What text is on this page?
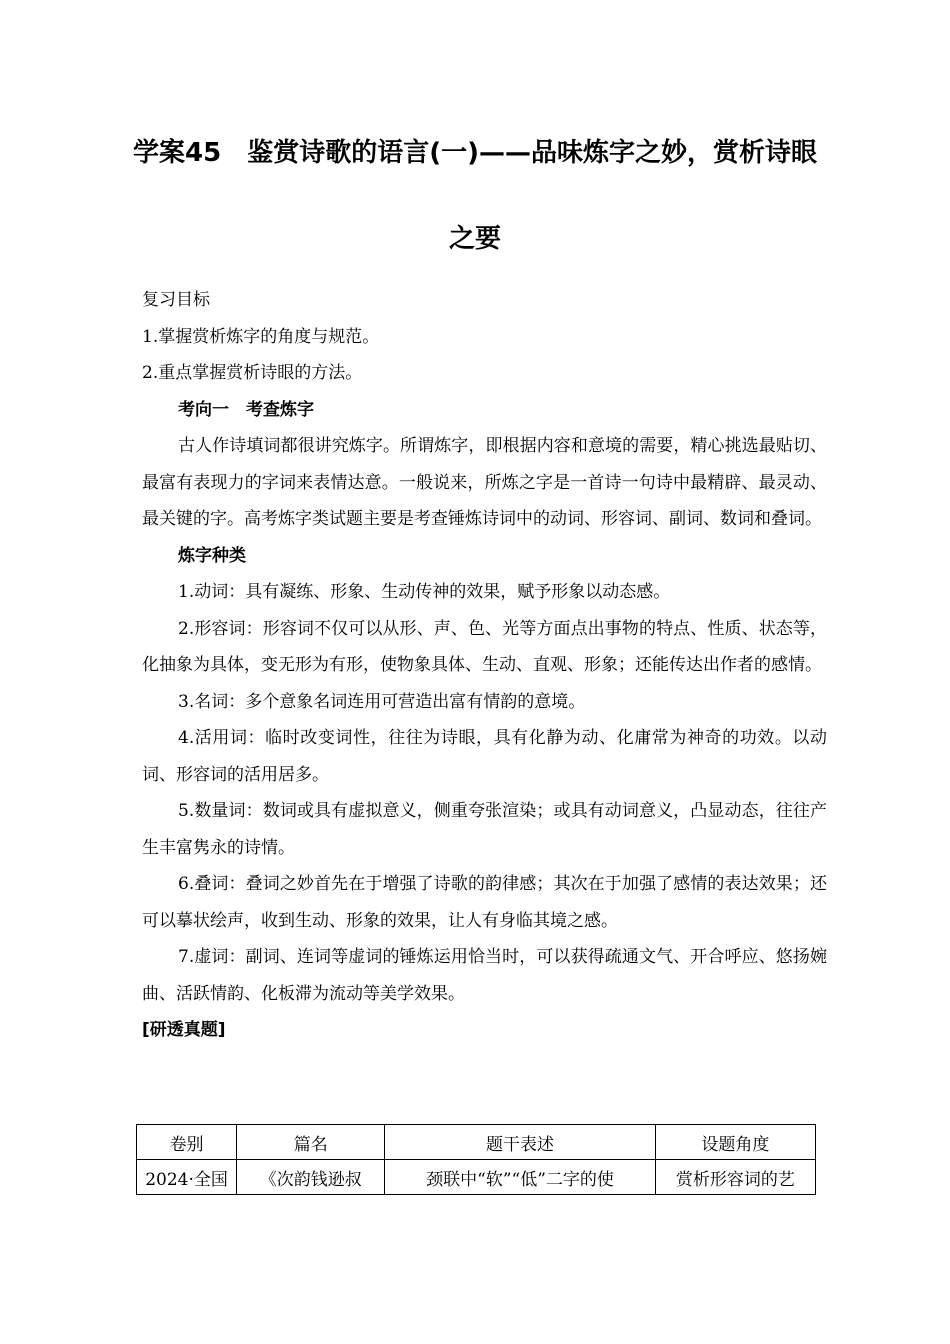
学案45　鉴赏诗歌的语言(一)——品味炼字之妙，赏析诗眼
之要

复习目标

1.掌握赏析炼字的角度与规范。

2.重点掌握赏析诗眼的方法。

考向一　考查炼字

古人作诗填词都很讲究炼字。所谓炼字，即根据内容和意境的需要，精心挑选最贴切、最富有表现力的字词来表情达意。一般说来，所炼之字是一首诗一句诗中最精辟、最灵动、最关键的字。高考炼字类试题主要是考查锤炼诗词中的动词、形容词、副词、数词和叠词。

炼字种类

1.动词：具有凝练、形象、生动传神的效果，赋予形象以动态感。

2.形容词：形容词不仅可以从形、声、色、光等方面点出事物的特点、性质、状态等，化抽象为具体，变无形为有形，使物象具体、生动、直观、形象；还能传达出作者的感情。

3.名词：多个意象名词连用可营造出富有情韵的意境。

4.活用词：临时改变词性，往往为诗眼，具有化静为动、化庸常为神奇的功效。以动词、形容词的活用居多。

5.数量词：数词或具有虚拟意义，侧重夸张渲染；或具有动词意义，凸显动态，往往产生丰富隽永的诗情。

6.叠词：叠词之妙首先在于增强了诗歌的韵律感；其次在于加强了感情的表达效果；还可以摹状绘声，收到生动、形象的效果，让人有身临其境之感。

7.虚词：副词、连词等虚词的锤炼运用恰当时，可以获得疏通文气、开合呼应、悠扬婉曲、活跃情韵、化板滞为流动等美学效果。

[研透真题]

卷别	篇名	题干表述	设题角度
2024·全国	《次韵钱逊叔	颈联中“软”“低”二字的使	赏析形容词的艺
